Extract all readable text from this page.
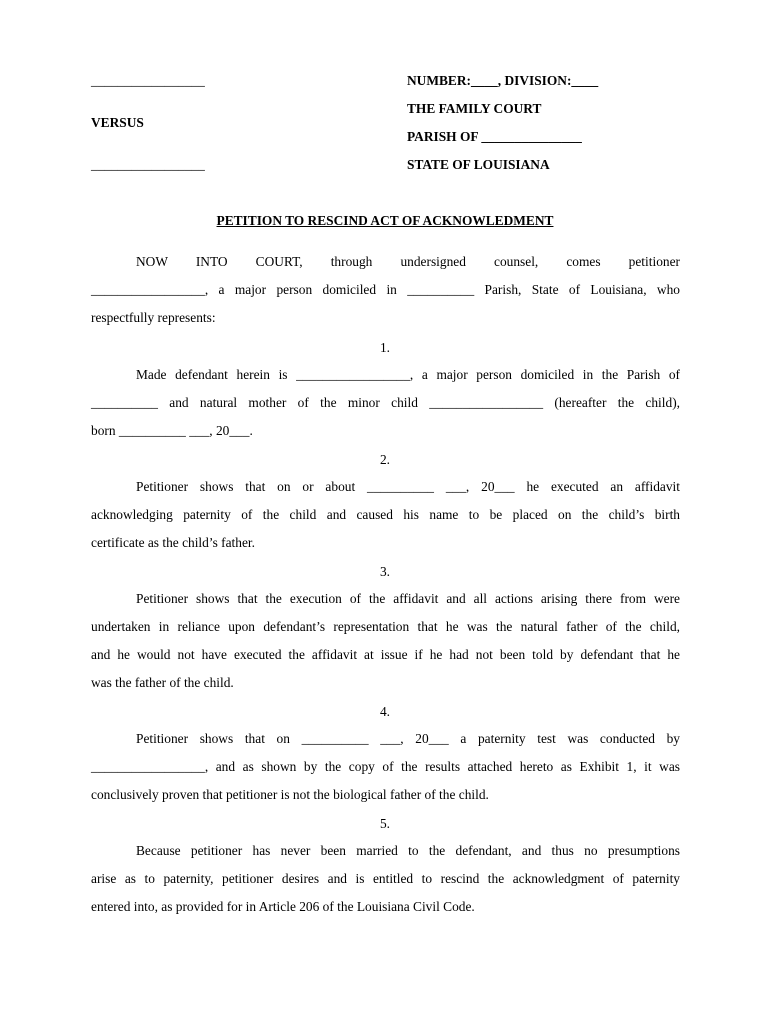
_________________
VERSUS
_________________
NUMBER:____, DIVISION:____
THE FAMILY COURT
PARISH OF _______________
STATE OF LOUISIANA
PETITION TO RESCIND ACT OF ACKNOWLEDMENT
NOW INTO COURT, through undersigned counsel, comes petitioner
_________________, a major person domiciled in __________ Parish, State of Louisiana, who
respectfully represents:
1.
Made defendant herein is _________________, a major person domiciled in the Parish of
__________ and natural mother of the minor child _________________ (hereafter the child),
born __________ ___, 20___.
2.
Petitioner shows that on or about __________ ___, 20___ he executed an affidavit
acknowledging paternity of the child and caused his name to be placed on the child’s birth
certificate as the child’s father.
3.
Petitioner shows that the execution of the affidavit and all actions arising there from were
undertaken in reliance upon defendant’s representation that he was the natural father of the child,
and he would not have executed the affidavit at issue if he had not been told by defendant that he
was the father of the child.
4.
Petitioner shows that on __________ ___, 20___ a paternity test was conducted by
_________________, and as shown by the copy of the results attached hereto as Exhibit 1, it was
conclusively proven that petitioner is not the biological father of the child.
5.
Because petitioner has never been married to the defendant, and thus no presumptions
arise as to paternity, petitioner desires and is entitled to rescind the acknowledgment of paternity
entered into, as provided for in Article 206 of the Louisiana Civil Code.
